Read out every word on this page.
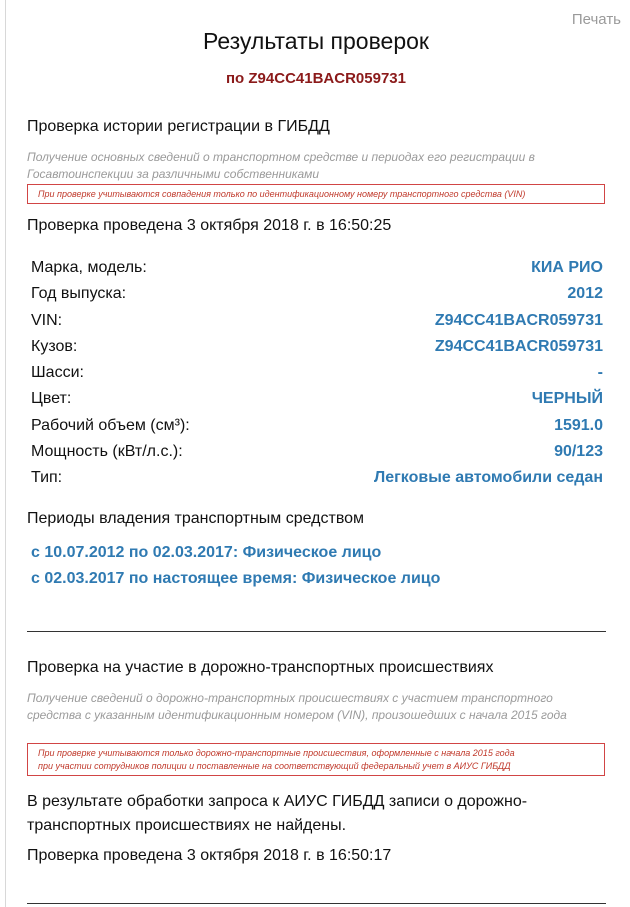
Печать
Результаты проверок
по Z94CC41BACR059731
Проверка истории регистрации в ГИБДД
Получение основных сведений о транспортном средстве и периодах его регистрации в Госавтоинспекции за различными собственниками
При проверке учитываются совпадения только по идентификационному номеру транспортного средства (VIN)
Проверка проведена 3 октября 2018 г. в 16:50:25
Марка, модель:	КИА РИО
Год выпуска:	2012
VIN:	Z94CC41BACR059731
Кузов:	Z94CC41BACR059731
Шасси:	-
Цвет:	ЧЕРНЫЙ
Рабочий объем (см³):	1591.0
Мощность (кВт/л.с.):	90/123
Тип:	Легковые автомобили седан
Периоды владения транспортным средством
с 10.07.2012 по 02.03.2017: Физическое лицо
с 02.03.2017 по настоящее время: Физическое лицо
Проверка на участие в дорожно-транспортных происшествиях
Получение сведений о дорожно-транспортных происшествиях с участием транспортного средства с указанным идентификационным номером (VIN), произошедших с начала 2015 года
При проверке учитываются только дорожно-транспортные происшествия, оформленные с начала 2015 года
при участии сотрудников полиции и поставленные на соответствующий федеральный учет в АИУС ГИБДД
В результате обработки запроса к АИУС ГИБДД записи о дорожно-транспортных происшествиях не найдены.
Проверка проведена 3 октября 2018 г. в 16:50:17
